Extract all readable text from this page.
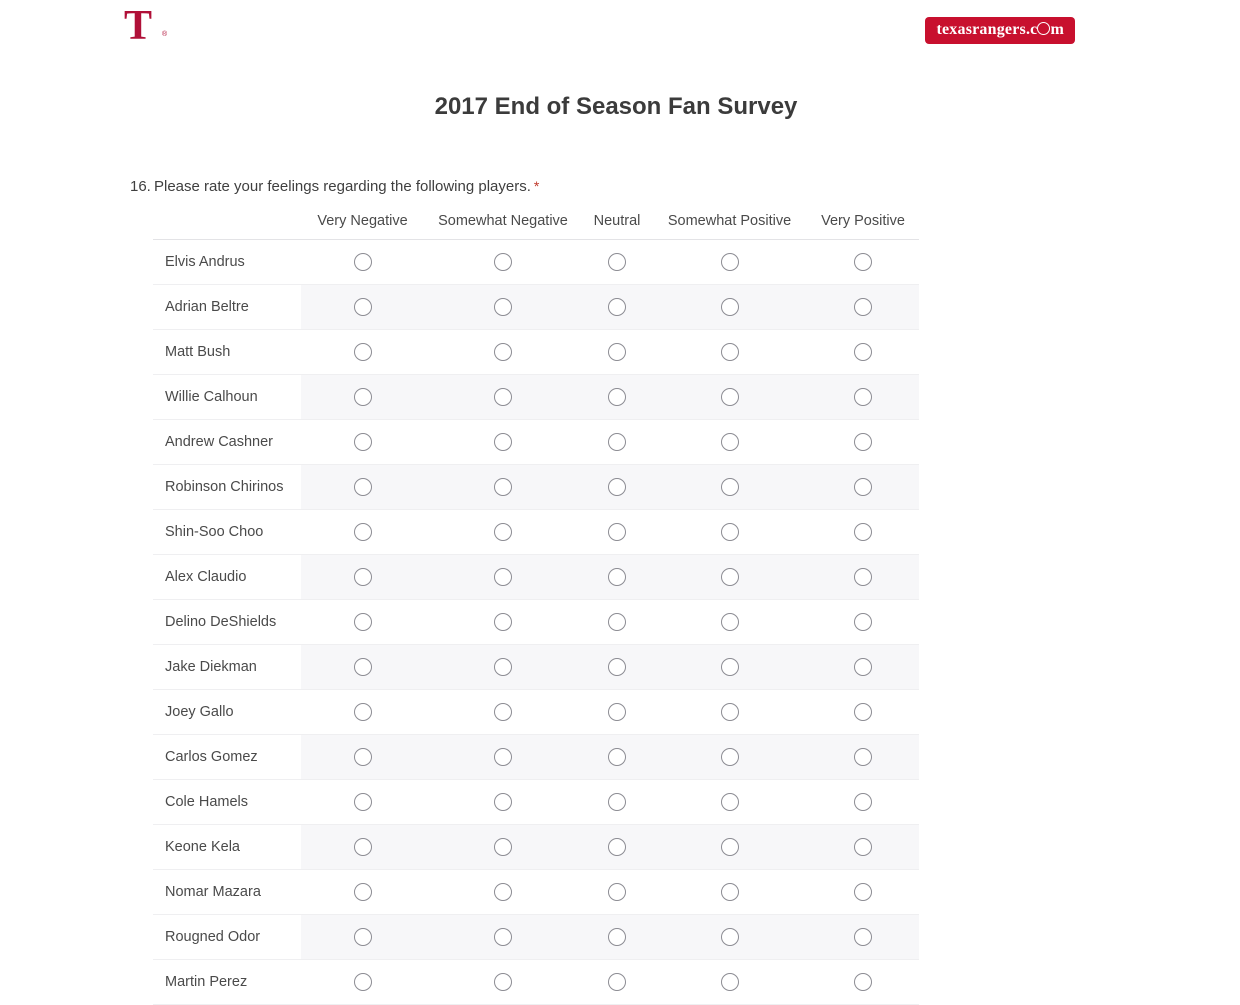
T ®	texasrangers.c m
2017 End of Season Fan Survey
16. Please rate your feelings regarding the following players. *
	Very Negative	Somewhat Negative	Neutral	Somewhat Positive	Very Positive
Elvis Andrus					
Adrian Beltre					
Matt Bush					
Willie Calhoun					
Andrew Cashner					
Robinson Chirinos					
Shin-Soo Choo					
Alex Claudio					
Delino DeShields					
Jake Diekman					
Joey Gallo					
Carlos Gomez					
Cole Hamels					
Keone Kela					
Nomar Mazara					
Rougned Odor					
Martin Perez					
